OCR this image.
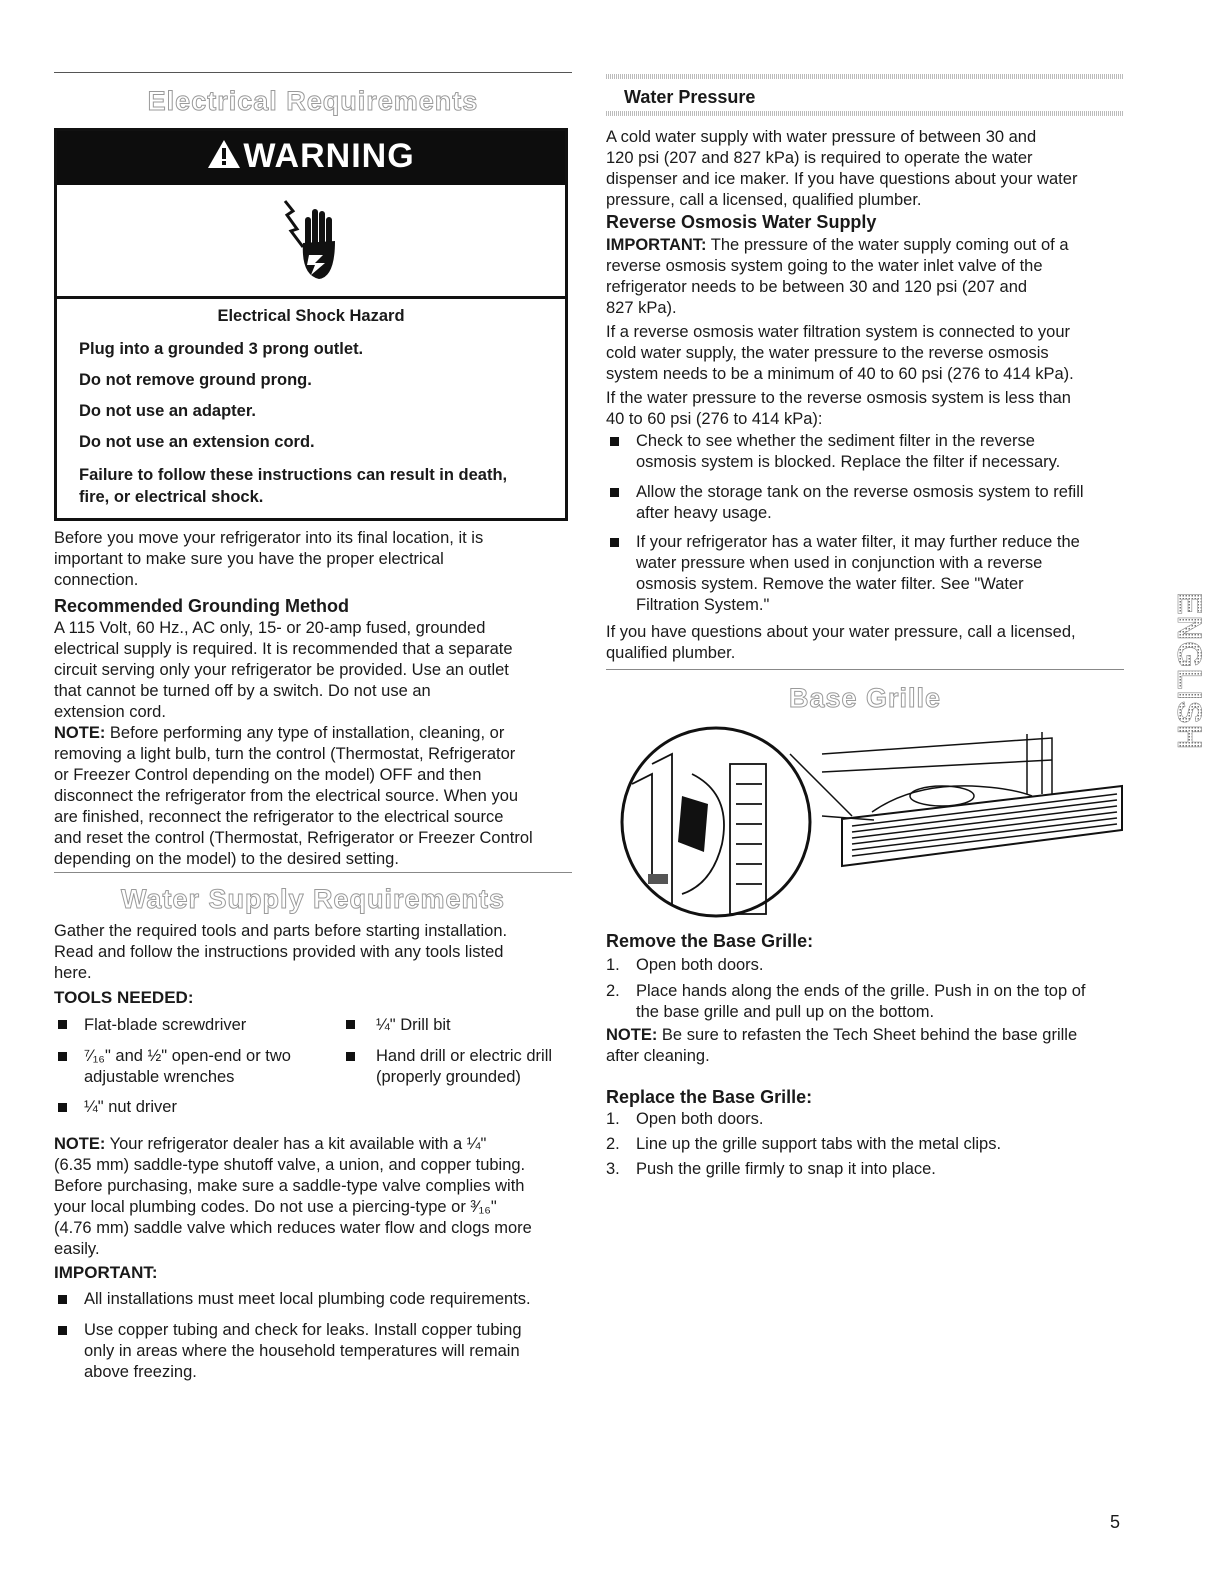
Electrical Requirements
WARNING
Electrical Shock Hazard
Plug into a grounded 3 prong outlet.
Do not remove ground prong.
Do not use an adapter.
Do not use an extension cord.
Failure to follow these instructions can result in death,
fire, or electrical shock.

Before you move your refrigerator into its final location, it is

important to make sure you have the proper electrical

connection.

Recommended Grounding Method

A 115 Volt, 60 Hz., AC only, 15- or 20-amp fused, grounded

electrical supply is required. It is recommended that a separate

circuit serving only your refrigerator be provided. Use an outlet

that cannot be turned off by a switch. Do not use an

extension cord.

NOTE: Before performing any type of installation, cleaning, or

removing a light bulb, turn the control (Thermostat, Refrigerator

or Freezer Control depending on the model) OFF and then

disconnect the refrigerator from the electrical source. When you

are finished, reconnect the refrigerator to the electrical source

and reset the control (Thermostat, Refrigerator or Freezer Control

depending on the model) to the desired setting.

Water Supply Requirements

Gather the required tools and parts before starting installation.

Read and follow the instructions provided with any tools listed

here.

TOOLS NEEDED:
Flat-blade screwdriver	¼" Drill bit

⁷⁄₁₆" and ½" open-end or two

adjustable wrenches

Hand drill or electric drill

(properly grounded)

¼" nut driver

NOTE: Your refrigerator dealer has a kit available with a ¼"

(6.35 mm) saddle-type shutoff valve, a union, and copper tubing.

Before purchasing, make sure a saddle-type valve complies with

your local plumbing codes. Do not use a piercing-type or ³⁄₁₆"

(4.76 mm) saddle valve which reduces water flow and clogs more

easily.

IMPORTANT:
All installations must meet local plumbing code requirements.

Use copper tubing and check for leaks. Install copper tubing

only in areas where the household temperatures will remain

above freezing.

Water Pressure

A cold water supply with water pressure of between 30 and

120 psi (207 and 827 kPa) is required to operate the water

dispenser and ice maker. If you have questions about your water

pressure, call a licensed, qualified plumber.

Reverse Osmosis Water Supply

IMPORTANT: The pressure of the water supply coming out of a

reverse osmosis system going to the water inlet valve of the

refrigerator needs to be between 30 and 120 psi (207 and

827 kPa).

If a reverse osmosis water filtration system is connected to your

cold water supply, the water pressure to the reverse osmosis

system needs to be a minimum of 40 to 60 psi (276 to 414 kPa).

If the water pressure to the reverse osmosis system is less than

40 to 60 psi (276 to 414 kPa):

Check to see whether the sediment filter in the reverse

osmosis system is blocked. Replace the filter if necessary.

Allow the storage tank on the reverse osmosis system to refill

after heavy usage.

If your refrigerator has a water filter, it may further reduce the

water pressure when used in conjunction with a reverse

osmosis system. Remove the water filter. See "Water

Filtration System."

If you have questions about your water pressure, call a licensed,

qualified plumber.

Base Grille
Remove the Base Grille:
1. Open both doors.
2. Place hands along the ends of the grille. Push in on the top of

the base grille and pull up on the bottom.

NOTE: Be sure to refasten the Tech Sheet behind the base grille

after cleaning.

Replace the Base Grille:
1. Open both doors.
2. Line up the grille support tabs with the metal clips.
3. Push the grille firmly to snap it into place.
ENGLISH
5
